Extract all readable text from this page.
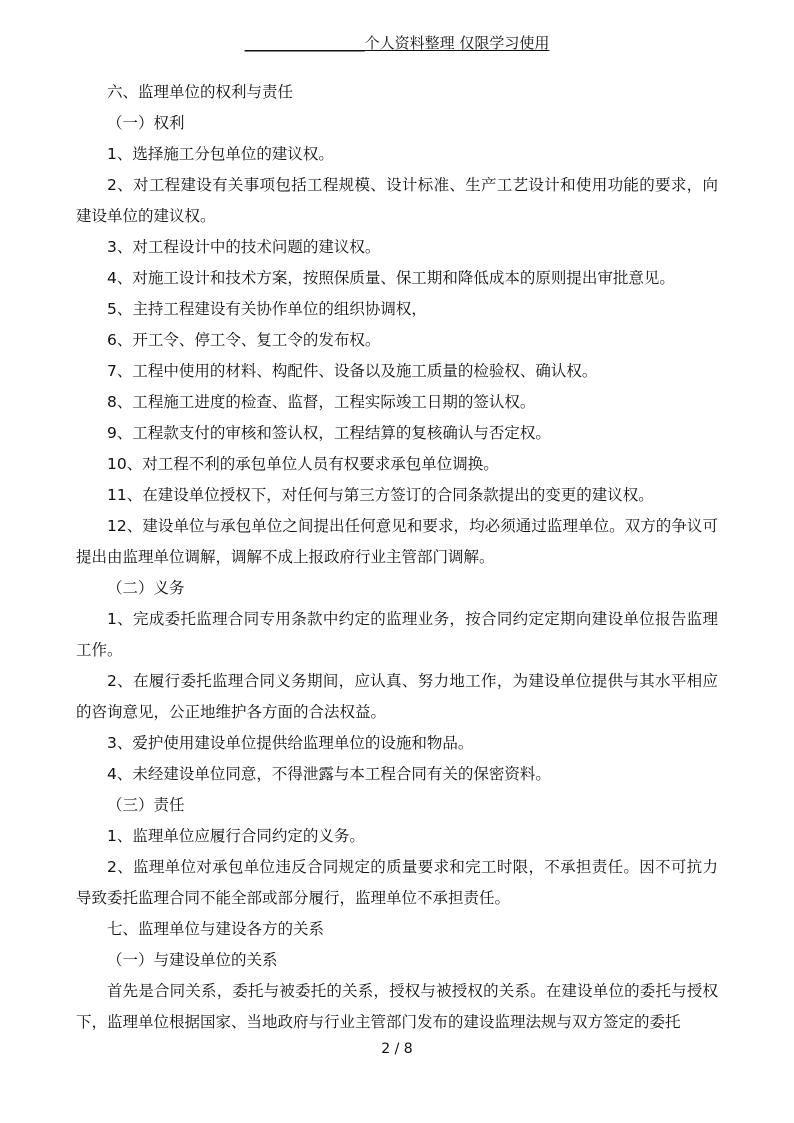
________________个人资料整理 仅限学习使用

六、监理单位的权利与责任

（一）权利

1、选择施工分包单位的建议权。

2、对工程建设有关事项包括工程规模、设计标准、生产工艺设计和使用功能的要求，向建设单位的建议权。

3、对工程设计中的技术问题的建议权。

4、对施工设计和技术方案，按照保质量、保工期和降低成本的原则提出审批意见。

5、主持工程建设有关协作单位的组织协调权，

6、开工令、停工令、复工令的发布权。

7、工程中使用的材料、构配件、设备以及施工质量的检验权、确认权。

8、工程施工进度的检查、监督，工程实际竣工日期的签认权。

9、工程款支付的审核和签认权，工程结算的复核确认与否定权。

10、对工程不利的承包单位人员有权要求承包单位调换。

11、在建设单位授权下，对任何与第三方签订的合同条款提出的变更的建议权。

12、建设单位与承包单位之间提出任何意见和要求，均必须通过监理单位。双方的争议可提出由监理单位调解，调解不成上报政府行业主管部门调解。

（二）义务

1、完成委托监理合同专用条款中约定的监理业务，按合同约定定期向建设单位报告监理工作。

2、在履行委托监理合同义务期间，应认真、努力地工作，为建设单位提供与其水平相应的咨询意见，公正地维护各方面的合法权益。

3、爱护使用建设单位提供给监理单位的设施和物品。

4、未经建设单位同意，不得泄露与本工程合同有关的保密资料。

（三）责任

1、监理单位应履行合同约定的义务。

2、监理单位对承包单位违反合同规定的质量要求和完工时限，不承担责任。因不可抗力导致委托监理合同不能全部或部分履行，监理单位不承担责任。

七、监理单位与建设各方的关系

（一）与建设单位的关系

首先是合同关系，委托与被委托的关系，授权与被授权的关系。在建设单位的委托与授权下，监理单位根据国家、当地政府与行业主管部门发布的建设监理法规与双方签定的委托

2 / 8
